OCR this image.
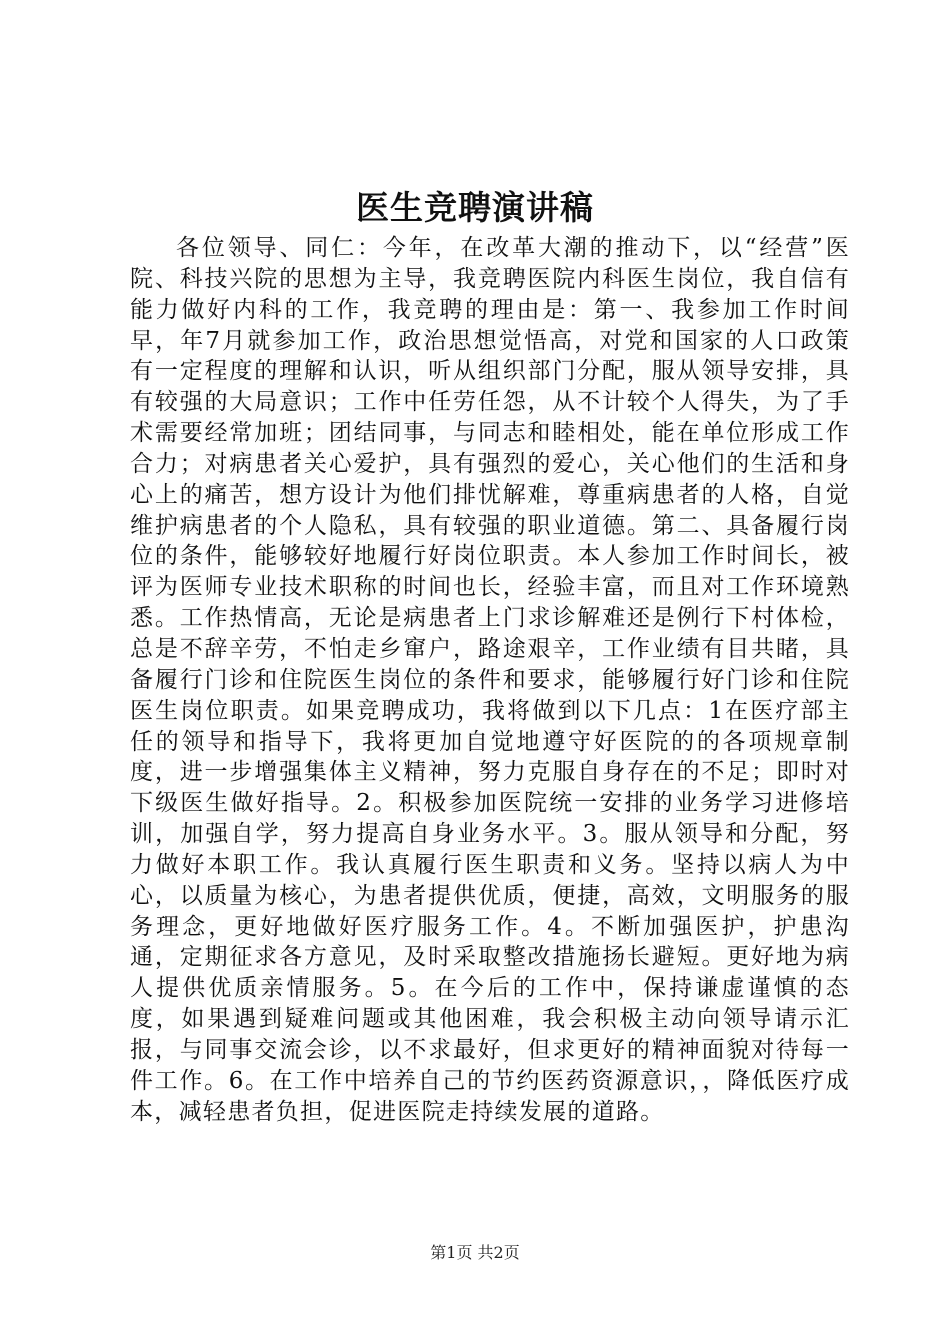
医生竞聘演讲稿

各位领导、同仁：今年，在改革大潮的推动下，以“经营”医院、科技兴院的思想为主导，我竞聘医院内科医生岗位，我自信有能力做好内科的工作，我竞聘的理由是：第一、我参加工作时间早，年7月就参加工作，政治思想觉悟高，对党和国家的人口政策有一定程度的理解和认识，听从组织部门分配，服从领导安排，具有较强的大局意识；工作中任劳任怨，从不计较个人得失，为了手术需要经常加班；团结同事，与同志和睦相处，能在单位形成工作合力；对病患者关心爱护，具有强烈的爱心，关心他们的生活和身心上的痛苦，想方设计为他们排忧解难，尊重病患者的人格，自觉维护病患者的个人隐私，具有较强的职业道德。第二、具备履行岗位的条件，能够较好地履行好岗位职责。本人参加工作时间长，被评为医师专业技术职称的时间也长，经验丰富，而且对工作环境熟悉。工作热情高，无论是病患者上门求诊解难还是例行下村体检，总是不辞辛劳，不怕走乡窜户，路途艰辛，工作业绩有目共睹，具备履行门诊和住院医生岗位的条件和要求，能够履行好门诊和住院医生岗位职责。如果竞聘成功，我将做到以下几点：1在医疗部主任的领导和指导下，我将更加自觉地遵守好医院的的各项规章制度，进一步增强集体主义精神，努力克服自身存在的不足；即时对下级医生做好指导。2。积极参加医院统一安排的业务学习进修培训，加强自学，努力提高自身业务水平。3。服从领导和分配，努力做好本职工作。我认真履行医生职责和义务。坚持以病人为中心，以质量为核心，为患者提供优质，便捷，高效，文明服务的服务理念，更好地做好医疗服务工作。4。不断加强医护，护患沟通，定期征求各方意见，及时采取整改措施扬长避短。更好地为病人提供优质亲情服务。5。在今后的工作中，保持谦虚谨慎的态度，如果遇到疑难问题或其他困难，我会积极主动向领导请示汇报，与同事交流会诊，以不求最好，但求更好的精神面貌对待每一件工作。6。在工作中培养自己的节约医药资源意识，，降低医疗成本，减轻患者负担，促进医院走持续发展的道路。

第1页 共2页
